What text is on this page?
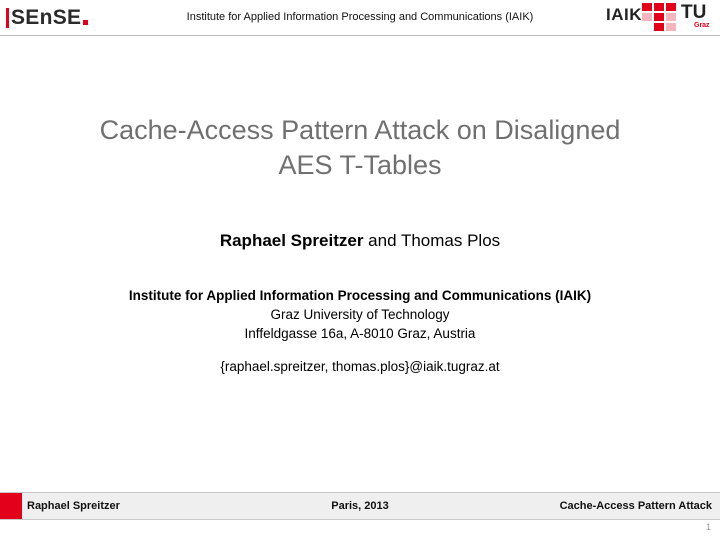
SEnSE	Institute for Applied Information Processing and Communications (IAIK)	IAIK TU
Graz
Cache-Access Pattern Attack on Disaligned
AES T-Tables
Raphael Spreitzer and Thomas Plos
Institute for Applied Information Processing and Communications (IAIK)
Graz University of Technology
Inffeldgasse 16a, A-8010 Graz, Austria
{raphael.spreitzer, thomas.plos}@iaik.tugraz.at
Raphael Spreitzer	Paris, 2013	Cache-Access Pattern Attack
1
